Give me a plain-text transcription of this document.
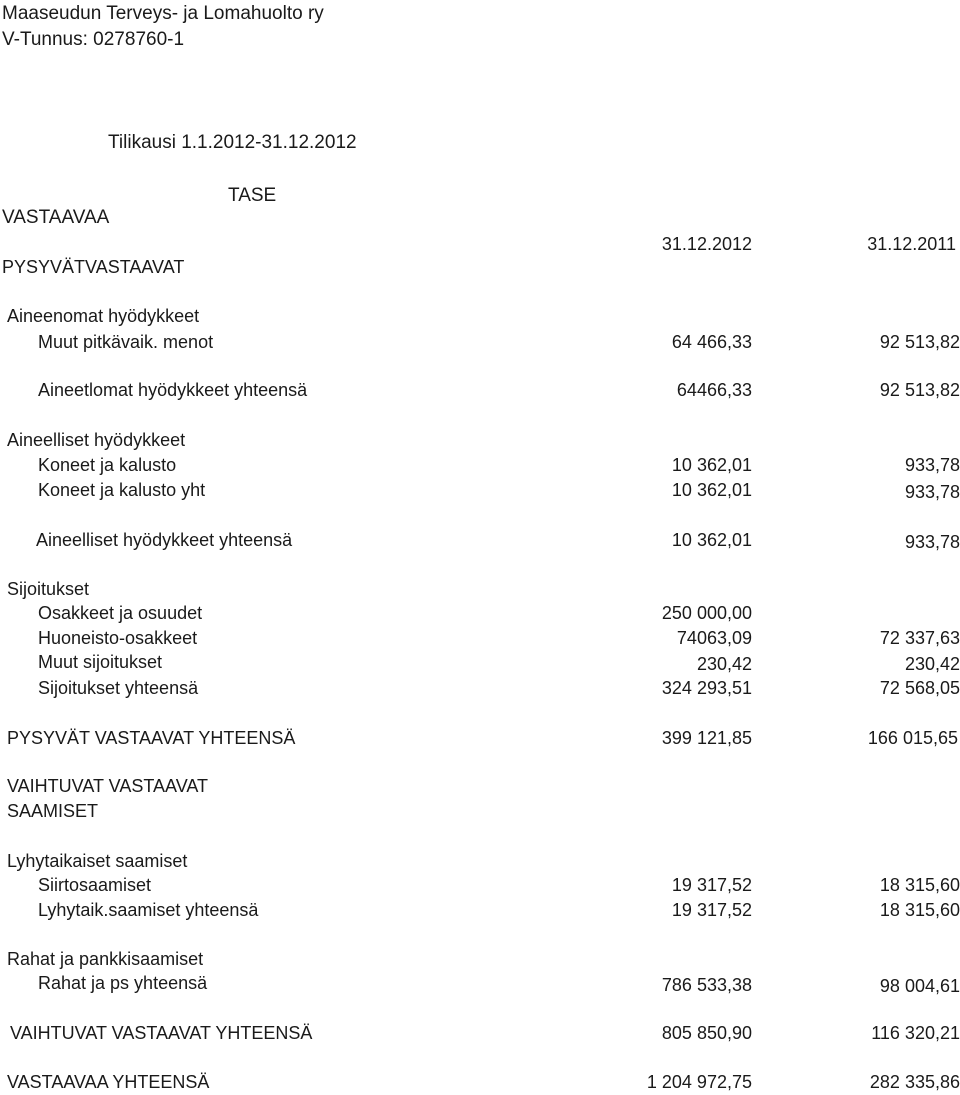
Maaseudun Terveys- ja Lomahuolto ry
V-Tunnus: 0278760-1
Tilikausi 1.1.2012-31.12.2012
TASE
VASTAAVAA
PYSYVÄTVASTAAVAT
31.12.2012	31.12.2011
Aineenomat hyödykkeet
Muut pitkävaik. menot	64 466,33	92 513,82
Aineetlomat hyödykkeet yhteensä	64466,33	92 513,82
Aineelliset hyödykkeet
Koneet ja kalusto	10 362,01	933,78
Koneet ja kalusto yht	10 362,01	933,78
Aineelliset hyödykkeet yhteensä	10 362,01	933,78
Sijoitukset
Osakkeet ja osuudet	250 000,00
Huoneisto-osakkeet	74063,09	72 337,63
Muut sijoitukset	230,42	230,42
Sijoitukset yhteensä	324 293,51	72 568,05
PYSYVÄT VASTAAVAT YHTEENSÄ	399 121,85	166 015,65
VAIHTUVAT VASTAAVAT
SAAMISET
Lyhytaikaiset saamiset
Siirtosaamiset	19 317,52	18 315,60
Lyhytaik.saamiset yhteensä	19 317,52	18 315,60
Rahat ja pankkisaamiset
Rahat ja ps yhteensä	786 533,38	98 004,61
VAIHTUVAT VASTAAVAT YHTEENSÄ	805 850,90	116 320,21
VASTAAVAA YHTEENSÄ	1 204 972,75	282 335,86
